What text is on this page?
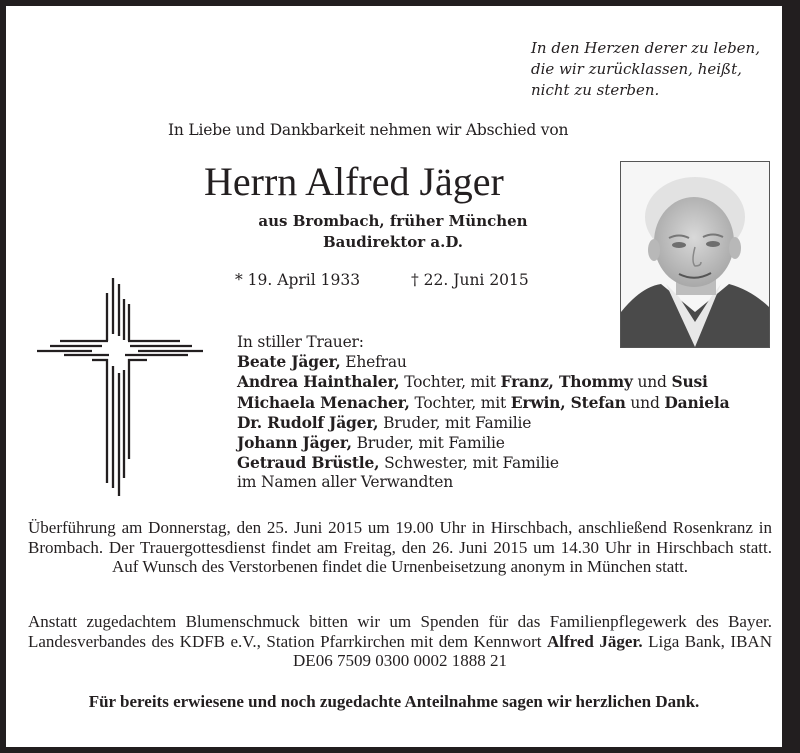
In den Herzen derer zu leben,
die wir zurücklassen, heißt,
nicht zu sterben.
In Liebe und Dankbarkeit nehmen wir Abschied von
Herrn Alfred Jäger
aus Brombach, früher München
Baudirektor a.D.
* 19. April 1933	† 22. Juni 2015
In stiller Trauer:
Beate Jäger, Ehefrau
Andrea Hainthaler, Tochter, mit Franz, Thommy und Susi
Michaela Menacher, Tochter, mit Erwin, Stefan und Daniela
Dr. Rudolf Jäger, Bruder, mit Familie
Johann Jäger, Bruder, mit Familie
Getraud Brüstle, Schwester, mit Familie
im Namen aller Verwandten
Überführung am Donnerstag, den 25. Juni 2015 um 19.00 Uhr in Hirschbach, anschließend Rosenkranz in Brombach. Der Trauergottesdienst findet am Freitag, den 26. Juni 2015 um 14.30 Uhr in Hirschbach statt. Auf Wunsch des Verstorbenen findet die Urnenbeisetzung anonym in München statt.
Anstatt zugedachtem Blumenschmuck bitten wir um Spenden für das Familienpflegewerk des Bayer. Landesverbandes des KDFB e.V., Station Pfarrkirchen mit dem Kennwort Alfred Jäger. Liga Bank, IBAN DE06 7509 0300 0002 1888 21
Für bereits erwiesene und noch zugedachte Anteilnahme sagen wir herzlichen Dank.
